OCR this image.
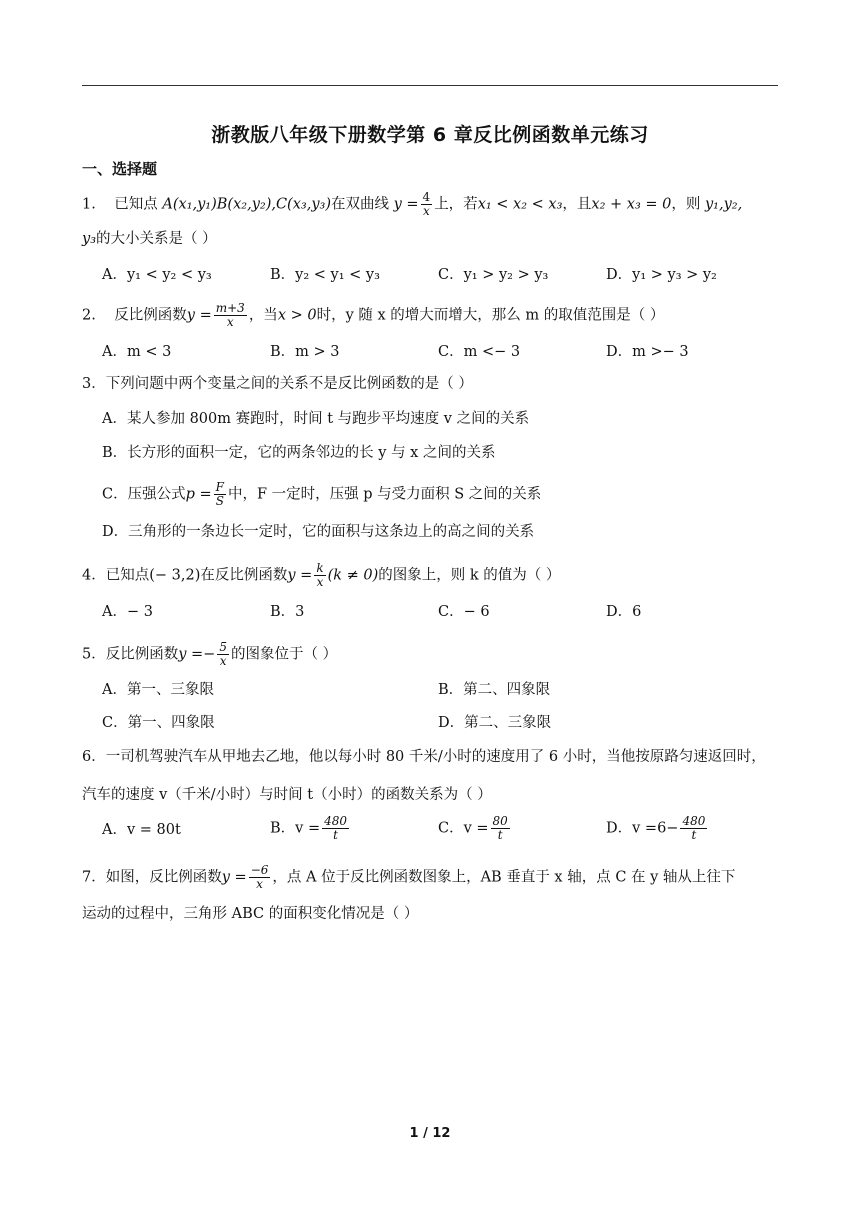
浙教版八年级下册数学第 6 章反比例函数单元练习
一、选择题
1. 已知点 A(x₁,y₁)B(x₂,y₂),C(x₃,y₃)在双曲线 $y = \frac{4}{x}$ 上，若x₁ < x₂ < x₃，且x₂ + x₃ = 0，则 y₁,y₂,
y₃的大小关系是（ ）
A．y₁ < y₂ < y₃	B．y₂ < y₁ < y₃	C．y₁ > y₂ > y₃	D．y₁ > y₃ > y₂
2. 反比例函数$y = \frac{m+3}{x}$ ，当x > 0时，y 随 x 的增大而增大，那么 m 的取值范围是（ ）
A．m < 3	B．m > 3	C．m <− 3	D．m >− 3
3．下列问题中两个变量之间的关系不是反比例函数的是（ ）
A．某人参加 800m 赛跑时，时间 t 与跑步平均速度 v 之间的关系
B．长方形的面积一定，它的两条邻边的长 y 与 x 之间的关系
C．压强公式$p = \frac{F}{S}$ 中，F 一定时，压强 p 与受力面积 S 之间的关系
D．三角形的一条边长一定时，它的面积与这条边上的高之间的关系
4．已知点(− 3,2)在反比例函数$y = \frac{k}{x} (k \ne 0)$的图象上，则 k 的值为（ ）
A．− 3	B．3	C．− 6	D．6
5．反比例函数$y =- \frac{5}{x}$ 的图象位于（ ）
A．第一、三象限	B．第二、四象限
C．第一、四象限	D．第二、三象限
6．一司机驾驶汽车从甲地去乙地，他以每小时 80 千米/小时的速度用了 6 小时，当他按原路匀速返回时，汽车的速度 v（千米/小时）与时间 t（小时）的函数关系为（ ）
A．v = 80t	B．$v = \frac{480}{t}$	C．$v = \frac{80}{t}$	D．$v =6- \frac{480}{t}$
7．如图，反比例函数$y = \frac{-6}{x}$ ，点 A 位于反比例函数图象上，AB 垂直于 x 轴，点 C 在 y 轴从上往下
运动的过程中，三角形 ABC 的面积变化情况是（ ）
1 / 12
